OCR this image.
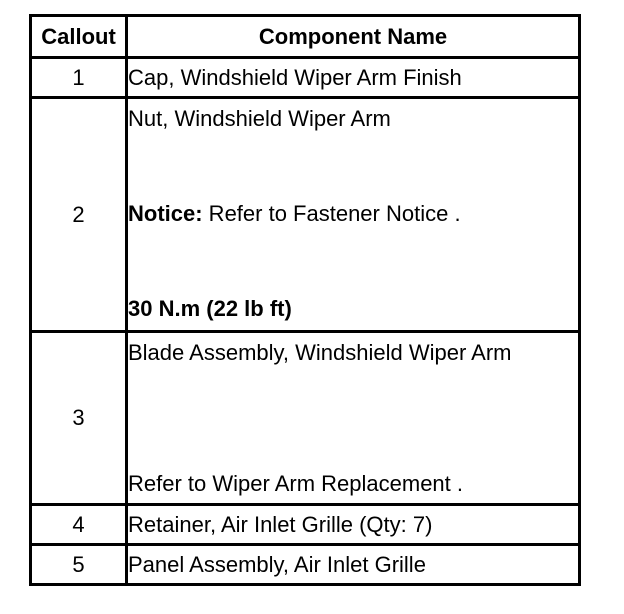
Callout	Component Name
1	Cap, Windshield Wiper Arm Finish
2	Nut, Windshield Wiper Arm
Notice: Refer to Fastener Notice .
30 N.m (22 lb ft)

3	Blade Assembly, Windshield Wiper Arm
Refer to Wiper Arm Replacement .

4	Retainer, Air Inlet Grille (Qty: 7)
5	Panel Assembly, Air Inlet Grille
